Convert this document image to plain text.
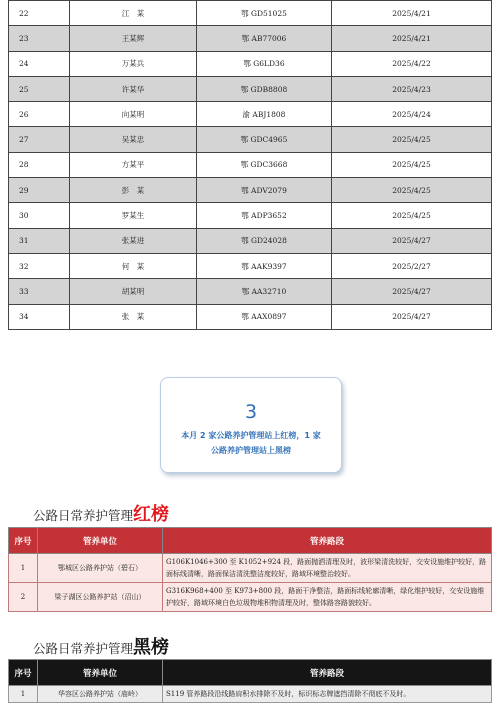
22	江　某	鄂 GD51025	2025/4/21
23	王某辉	鄂 AB77006	2025/4/21
24	万某兵	鄂 G6LD36	2025/4/22
25	许某华	鄂 GDB8808	2025/4/23
26	向某明	渝 ABJ1808	2025/4/24
27	吴某忠	鄂 GDC4965	2025/4/25
28	方某平	鄂 GDC3668	2025/4/25
29	彭　某	鄂 ADV2079	2025/4/25
30	罗某生	鄂 ADP3652	2025/4/25
31	张某进	鄂 GD24028	2025/4/27
32	何　某	鄂 AAK9397	2025/2/27
33	胡某明	鄂 AA32710	2025/4/27
34	张　某	鄂 AAX0897	2025/4/27
3
本月 2 家公路养护管理站上红榜，1 家
公路养护管理站上黑榜
公路日常养护管理红榜
序号	管养单位	管养路段
1	鄂城区公路养护站（碧石）	G106K1046+300 至 K1052+924 段，路面抛洒清理及时，波形梁清洗较好，交安设施维护较好，路面标线清晰，路面保洁清洗整洁度较好，路域环境整治较好。
2	梁子湖区公路养护站（沼山）	G316K968+400 至 K973+800 段，路面干净整洁，路面标线轮廓清晰，绿化维护较好，交安设施维护较好，路域环境白色垃圾物堆积物清理及时，整体路容路貌较好。
公路日常养护管理黑榜
序号	管养单位	管养路段
1	华容区公路养护站（庙岭）	S119 管养路段沿线路肩积水排除不及时，标识标志牌遮挡清除不彻底不及时。
